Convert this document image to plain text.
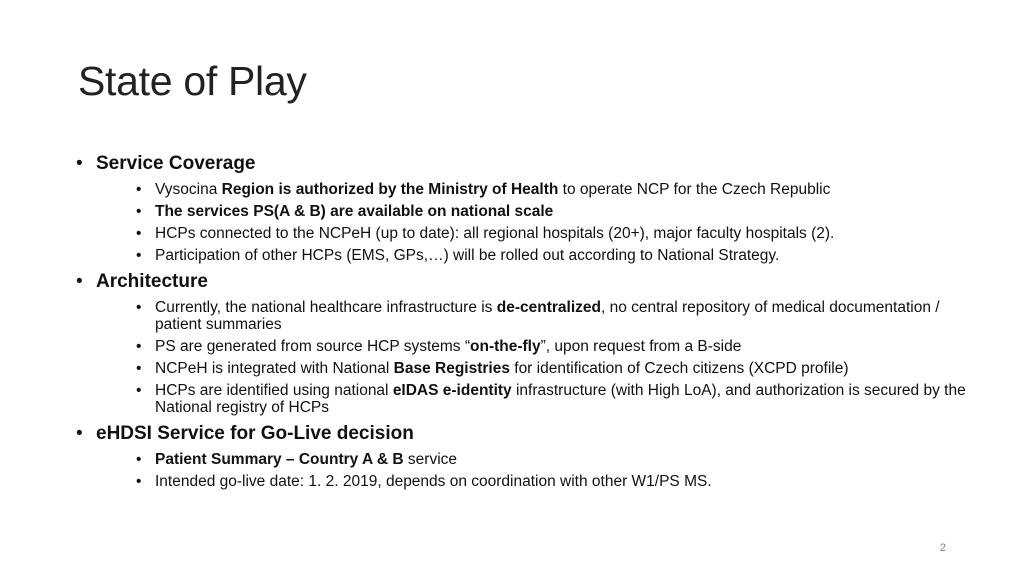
State of Play
• Service Coverage
• Vysocina Region is authorized by the Ministry of Health to operate NCP for the Czech Republic
• The services PS(A & B) are available on national scale
• HCPs connected to the NCPeH (up to date): all regional hospitals (20+), major faculty hospitals (2).
• Participation of other HCPs (EMS, GPs,…) will be rolled out according to National Strategy.
• Architecture
• Currently, the national healthcare infrastructure is de-centralized, no central repository of medical documentation / patient summaries
• PS are generated from source HCP systems “on-the-fly”, upon request from a B-side
• NCPeH is integrated with National Base Registries for identification of Czech citizens (XCPD profile)
• HCPs are identified using national eIDAS e-identity infrastructure (with High LoA), and authorization is secured by the National registry of HCPs
• eHDSI Service for Go-Live decision
• Patient Summary – Country A & B service
• Intended go-live date: 1. 2. 2019, depends on coordination with other W1/PS MS.
2
